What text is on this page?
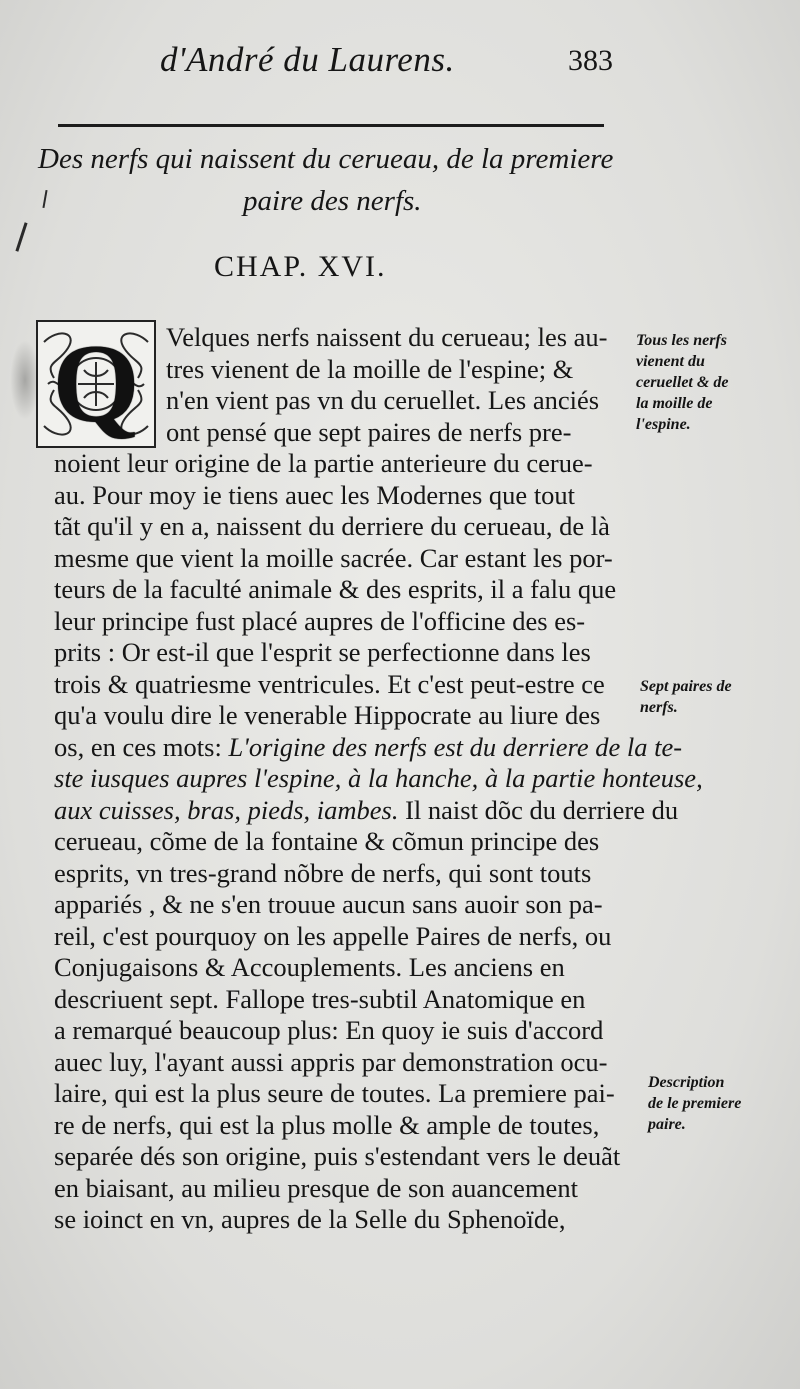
d'André du Laurens.	383
Des nerfs qui naissent du cerueau, de la premiere
paire des nerfs.
CHAP. XVI.
Q Velques nerfs naissent du cerueau; les au-
tres vienent de la moille de l'espine; &
n'en vient pas vn du ceruellet. Les anciés
ont pensé que sept paires de nerfs pre-
noient leur origine de la partie anterieure du cerue-
au. Pour moy ie tiens auec les Modernes que tout
tãt qu'il y en a, naissent du derriere du cerueau, de là
mesme que vient la moille sacrée. Car estant les por-
teurs de la faculté animale & des esprits, il a falu que
leur principe fust placé aupres de l'officine des es-
prits : Or est-il que l'esprit se perfectionne dans les
trois & quatriesme ventricules. Et c'est peut-estre ce
qu'a voulu dire le venerable Hippocrate au liure des
os, en ces mots: L'origine des nerfs est du derriere de la te-
ste iusques aupres l'espine, à la hanche, à la partie honteuse,
aux cuisses, bras, pieds, iambes. Il naist dõc du derriere du
cerueau, cõme de la fontaine & cõmun principe des
esprits, vn tres-grand nõbre de nerfs, qui sont touts
appariés , & ne s'en trouue aucun sans auoir son pa-
reil, c'est pourquoy on les appelle Paires de nerfs, ou
Conjugaisons & Accouplements. Les anciens en
descriuent sept. Fallope tres-subtil Anatomique en
a remarqué beaucoup plus: En quoy ie suis d'accord
auec luy, l'ayant aussi appris par demonstration ocu-
laire, qui est la plus seure de toutes. La premiere pai-
re de nerfs, qui est la plus molle & ample de toutes,
separée dés son origine, puis s'estendant vers le deuãt
en biaisant, au milieu presque de son auancement
se ioinct en vn, aupres de la Selle du Sphenoïde,
Tous les nerfs
vienent du
ceruellet & de
la moille de
l'espine.
Sept paires de
nerfs.
Description
de le premiere
paire.
